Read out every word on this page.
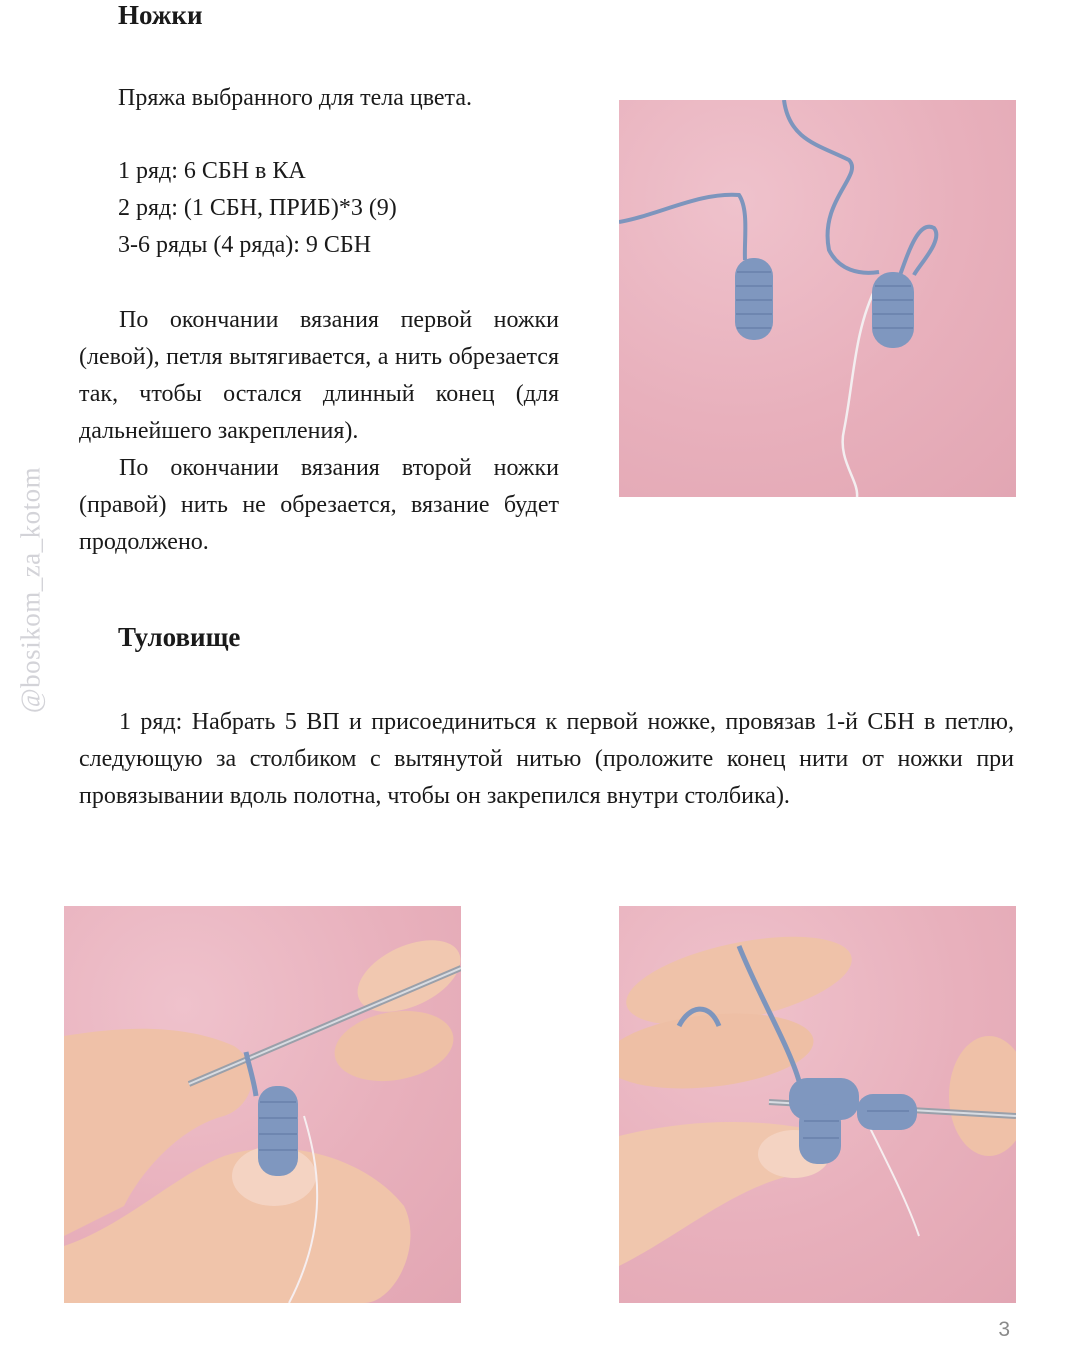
@bosikom_za_kotom
Ножки

Пряжа выбранного для тела цвета.

1 ряд: 6 СБН в КА
2 ряд: (1 СБН, ПРИБ)*3 (9)
3-6 ряды (4 ряда): 9 СБН

По окончании вязания первой ножки (левой), петля вытягивается, а нить обрезается так, чтобы остался длинный конец (для дальнейшего закрепления).

По окончании вязания второй ножки (правой) нить не обрезается, вязание будет продолжено.

Туловище

1 ряд: Набрать 5 ВП и присоединиться к первой ножке, провязав 1-й СБН в петлю, следующую за столбиком с вытянутой нитью (проложите конец нити от ножки при провязывании вдоль полотна, чтобы он закрепился внутри столбика).

3
